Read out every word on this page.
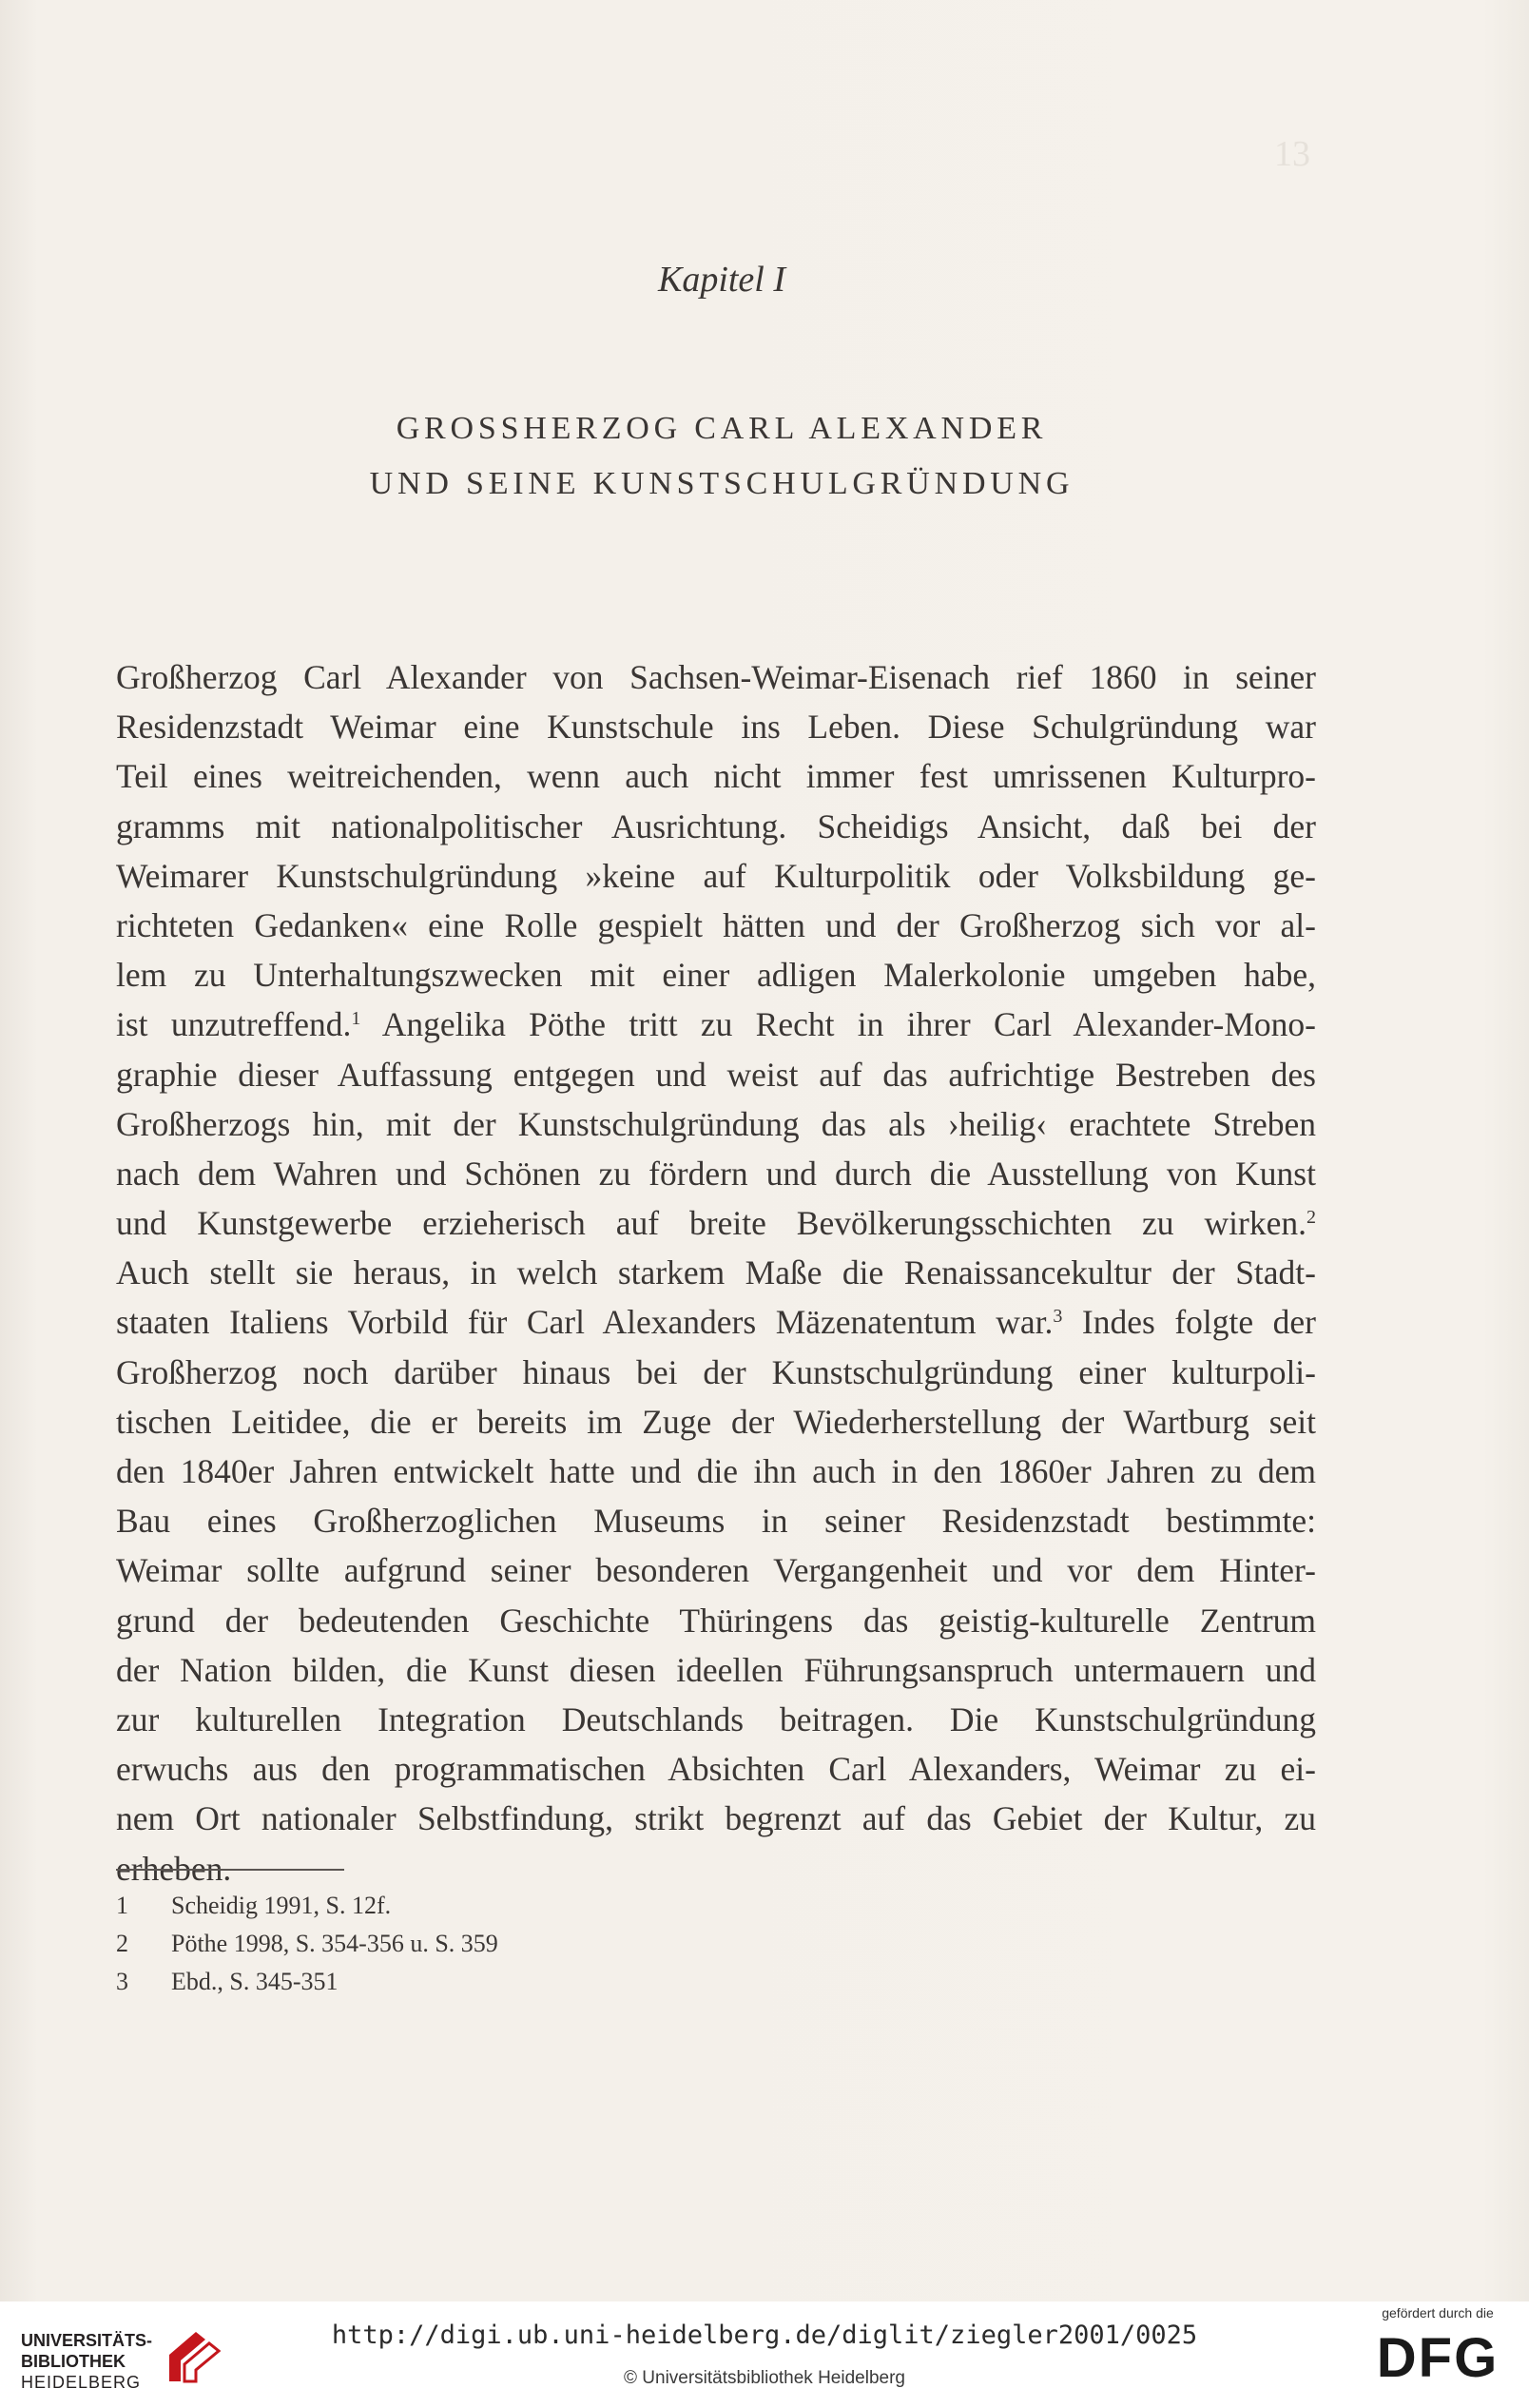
13
Kapitel I
GROSSHERZOG CARL ALEXANDER
UND SEINE KUNSTSCHULGRÜNDUNG
Großherzog Carl Alexander von Sachsen-Weimar-Eisenach rief 1860 in seiner
Residenzstadt Weimar eine Kunstschule ins Leben. Diese Schulgründung war
Teil eines weitreichenden, wenn auch nicht immer fest umrissenen Kulturpro-
gramms mit nationalpolitischer Ausrichtung. Scheidigs Ansicht, daß bei der
Weimarer Kunstschulgründung »keine auf Kulturpolitik oder Volksbildung ge-
richteten Gedanken« eine Rolle gespielt hätten und der Großherzog sich vor al-
lem zu Unterhaltungszwecken mit einer adligen Malerkolonie umgeben habe,
ist unzutreffend.$^1$ Angelika Pöthe tritt zu Recht in ihrer Carl Alexander-Mono-
graphie dieser Auffassung entgegen und weist auf das aufrichtige Bestreben des
Großherzogs hin, mit der Kunstschulgründung das als ›heilig‹ erachtete Streben
nach dem Wahren und Schönen zu fördern und durch die Ausstellung von Kunst
und Kunstgewerbe erzieherisch auf breite Bevölkerungsschichten zu wirken.$^2$
Auch stellt sie heraus, in welch starkem Maße die Renaissancekultur der Stadt-
staaten Italiens Vorbild für Carl Alexanders Mäzenatentum war.$^3$ Indes folgte der
Großherzog noch darüber hinaus bei der Kunstschulgründung einer kulturpoli-
tischen Leitidee, die er bereits im Zuge der Wiederherstellung der Wartburg seit
den 1840er Jahren entwickelt hatte und die ihn auch in den 1860er Jahren zu dem
Bau eines Großherzoglichen Museums in seiner Residenzstadt bestimmte:
Weimar sollte aufgrund seiner besonderen Vergangenheit und vor dem Hinter-
grund der bedeutenden Geschichte Thüringens das geistig-kulturelle Zentrum
der Nation bilden, die Kunst diesen ideellen Führungsanspruch untermauern und
zur kulturellen Integration Deutschlands beitragen. Die Kunstschulgründung
erwuchs aus den programmatischen Absichten Carl Alexanders, Weimar zu ei-
nem Ort nationaler Selbstfindung, strikt begrenzt auf das Gebiet der Kultur, zu
erheben.
1	Scheidig 1991, S. 12f.
2	Pöthe 1998, S. 354-356 u. S. 359
3	Ebd., S. 345-351
UNIVERSITÄTS-
BIBLIOTHEK
HEIDELBERG
http://digi.ub.uni-heidelberg.de/diglit/ziegler2001/0025
© Universitätsbibliothek Heidelberg
gefördert durch die
DFG
